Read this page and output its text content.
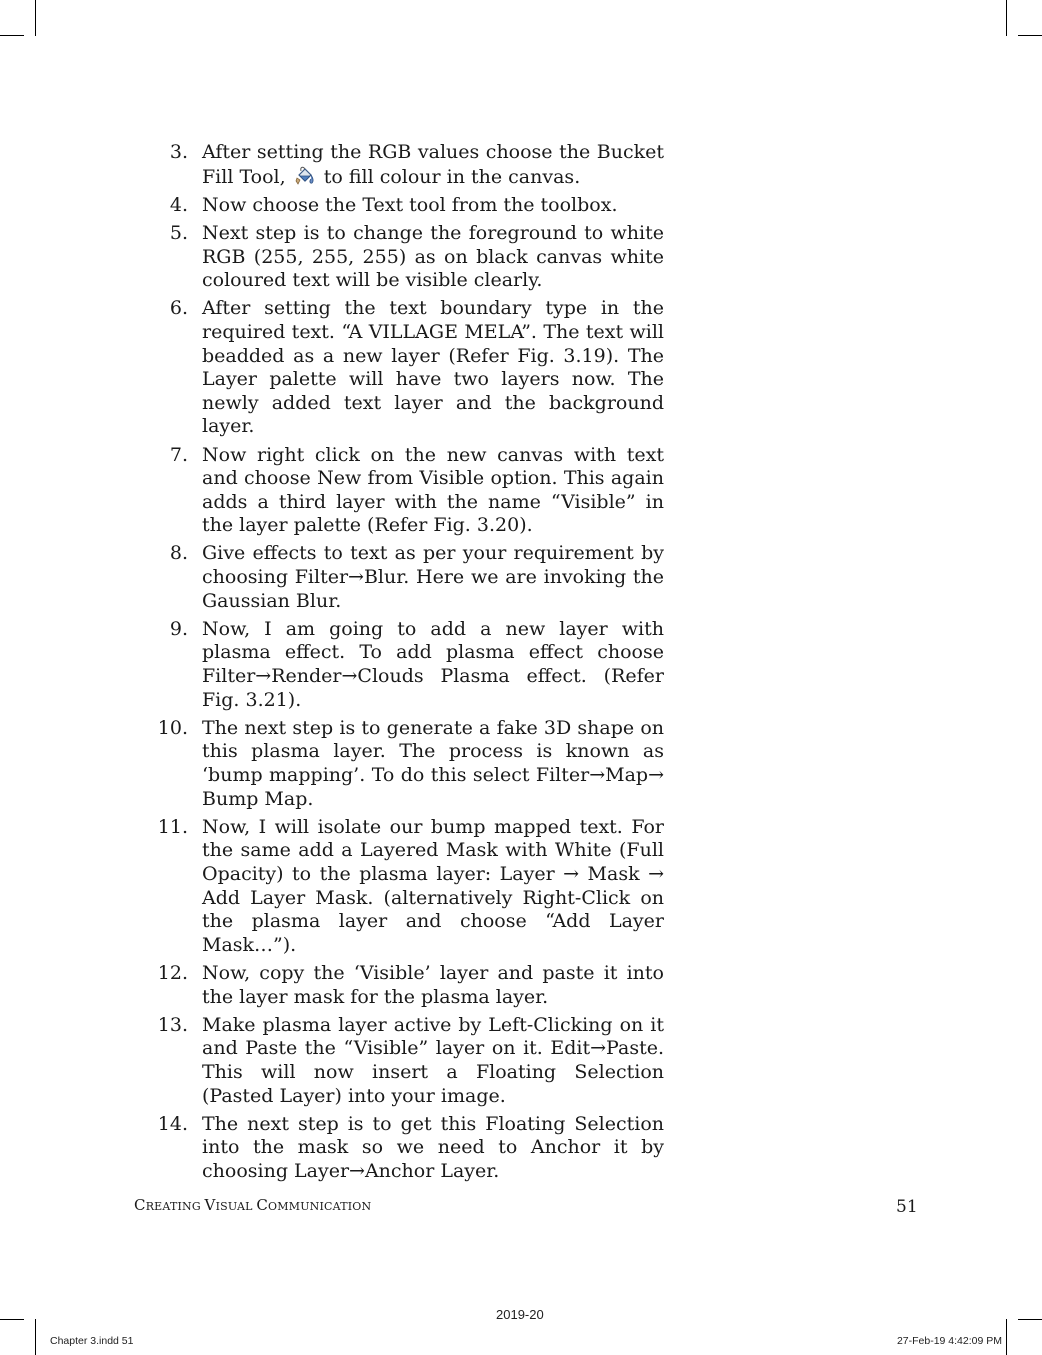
3. After setting the RGB values choose the Bucket Fill Tool,  to fill colour in the canvas.
4. Now choose the Text tool from the toolbox.
5. Next step is to change the foreground to white RGB (255, 255, 255) as on black canvas white coloured text will be visible clearly.
6. After setting the text boundary type in the required text. “A VILLAGE MELA”. The text will beadded as a new layer (Refer Fig. 3.19). The Layer palette will have two layers now. The newly added text layer and the background layer.
7. Now right click on the new canvas with text and choose New from Visible option. This again adds a third layer with the name “Visible” in the layer palette (Refer Fig. 3.20).
8. Give effects to text as per your requirement by choosing Filter→Blur. Here we are invoking the Gaussian Blur.
9. Now, I am going to add a new layer with plasma effect. To add plasma effect choose Filter→Render→Clouds Plasma effect. (Refer Fig. 3.21).
10. The next step is to generate a fake 3D shape on this plasma layer. The process is known as ‘bump mapping’. To do this select Filter→Map→ Bump Map.
11. Now, I will isolate our bump mapped text. For the same add a Layered Mask with White (Full Opacity) to the plasma layer: Layer → Mask → Add Layer Mask. (alternatively Right-Click on the plasma layer and choose “Add Layer Mask…”).
12. Now, copy the ‘Visible’ layer and paste it into the layer mask for the plasma layer.
13. Make plasma layer active by Left-Clicking on it and Paste the “Visible” layer on it. Edit→Paste. This will now insert a Floating Selection (Pasted Layer) into your image.
14. The next step is to get this Floating Selection into the mask so we need to Anchor it by choosing Layer→Anchor Layer.
CREATING VISUAL COMMUNICATION	51
2019-20
Chapter 3.indd 51	27-Feb-19 4:42:09 PM
